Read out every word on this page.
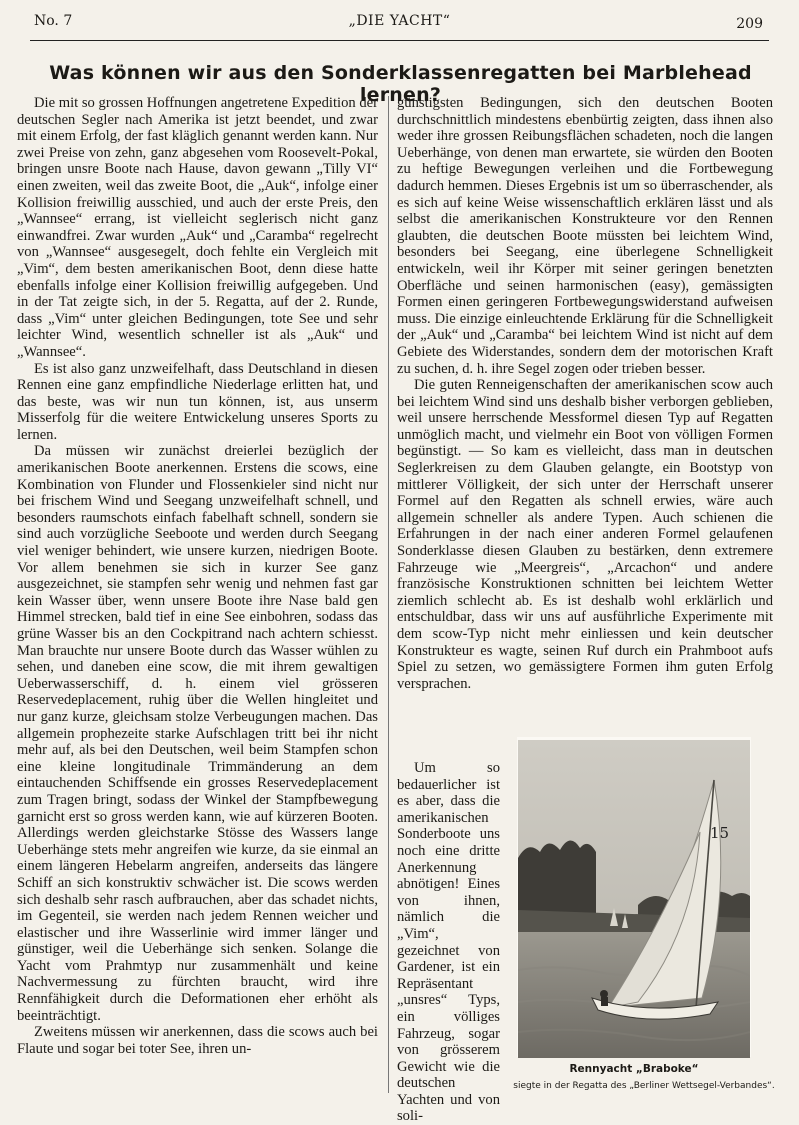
No. 7	„DIE YACHT“	209
Was können wir aus den Sonderklassenregatten bei Marblehead lernen?

Die mit so grossen Hoffnungen angetretene Expedition der deutschen Segler nach Amerika ist jetzt beendet, und zwar mit einem Erfolg, der fast kläglich genannt werden kann. Nur zwei Preise von zehn, ganz abgesehen vom Roosevelt-Pokal, bringen unsre Boote nach Hause, davon gewann „Tilly VI“ einen zweiten, weil das zweite Boot, die „Auk“, infolge einer Kollision freiwillig ausschied, und auch der erste Preis, den „Wannsee“ errang, ist vielleicht seglerisch nicht ganz einwandfrei. Zwar wurden „Auk“ und „Caramba“ regelrecht von „Wannsee“ ausgesegelt, doch fehlte ein Vergleich mit „Vim“, dem besten amerikanischen Boot, denn diese hatte ebenfalls infolge einer Kollision freiwillig aufgegeben. Und in der Tat zeigte sich, in der 5. Regatta, auf der 2. Runde, dass „Vim“ unter gleichen Bedingungen, tote See und sehr leichter Wind, wesentlich schneller ist als „Auk“ und „Wannsee“.

Es ist also ganz unzweifelhaft, dass Deutschland in diesen Rennen eine ganz empfindliche Niederlage erlitten hat, und das beste, was wir nun tun können, ist, aus unserm Misserfolg für die weitere Entwickelung unseres Sports zu lernen.

Da müssen wir zunächst dreierlei bezüglich der amerikanischen Boote anerkennen. Erstens die scows, eine Kombination von Flunder und Flossenkieler sind nicht nur bei frischem Wind und Seegang unzweifelhaft schnell, und besonders raumschots einfach fabelhaft schnell, sondern sie sind auch vorzügliche Seeboote und werden durch Seegang viel weniger behindert, wie unsere kurzen, niedrigen Boote. Vor allem benehmen sie sich in kurzer See ganz ausgezeichnet, sie stampfen sehr wenig und nehmen fast gar kein Wasser über, wenn unsere Boote ihre Nase bald gen Himmel strecken, bald tief in eine See einbohren, sodass das grüne Wasser bis an den Cockpitrand nach achtern schiesst. Man brauchte nur unsere Boote durch das Wasser wühlen zu sehen, und daneben eine scow, die mit ihrem gewaltigen Ueberwasserschiff, d. h. einem viel grösseren Reservedeplacement, ruhig über die Wellen hingleitet und nur ganz kurze, gleichsam stolze Verbeugungen machen. Das allgemein prophezeite starke Aufschlagen tritt bei ihr nicht mehr auf, als bei den Deutschen, weil beim Stampfen schon eine kleine longitudinale Trimmänderung an dem eintauchenden Schiffsende ein grosses Reservedeplacement zum Tragen bringt, sodass der Winkel der Stampfbewegung garnicht erst so gross werden kann, wie auf kürzeren Booten. Allerdings werden gleichstarke Stösse des Wassers lange Ueberhänge stets mehr angreifen wie kurze, da sie einmal an einem längeren Hebelarm angreifen, anderseits das längere Schiff an sich konstruktiv schwächer ist. Die scows werden sich deshalb sehr rasch aufbrauchen, aber das schadet nichts, im Gegenteil, sie werden nach jedem Rennen weicher und elastischer und ihre Wasserlinie wird immer länger und günstiger, weil die Ueberhänge sich senken. Solange die Yacht vom Prahmtyp nur zusammenhält und keine Nachvermessung zu fürchten braucht, wird ihre Rennfähigkeit durch die Deformationen eher erhöht als beeinträchtigt.

Zweitens müssen wir anerkennen, dass die scows auch bei Flaute und sogar bei toter See, ihren un-

günstigsten Bedingungen, sich den deutschen Booten durchschnittlich mindestens ebenbürtig zeigten, dass ihnen also weder ihre grossen Reibungsflächen schadeten, noch die langen Ueberhänge, von denen man erwartete, sie würden den Booten zu heftige Bewegungen verleihen und die Fortbewegung dadurch hemmen. Dieses Ergebnis ist um so überraschender, als es sich auf keine Weise wissenschaftlich erklären lässt und als selbst die amerikanischen Konstrukteure vor den Rennen glaubten, die deutschen Boote müssten bei leichtem Wind, besonders bei Seegang, eine überlegene Schnelligkeit entwickeln, weil ihr Körper mit seiner geringen benetzten Oberfläche und seinen harmonischen (easy), gemässigten Formen einen geringeren Fortbewegungswiderstand aufweisen muss. Die einzige einleuchtende Erklärung für die Schnelligkeit der „Auk“ und „Caramba“ bei leichtem Wind ist nicht auf dem Gebiete des Widerstandes, sondern dem der motorischen Kraft zu suchen, d. h. ihre Segel zogen oder trieben besser.

Die guten Renneigenschaften der amerikanischen scow auch bei leichtem Wind sind uns deshalb bisher verborgen geblieben, weil unsere herrschende Messformel diesen Typ auf Regatten unmöglich macht, und vielmehr ein Boot von völligen Formen begünstigt. — So kam es vielleicht, dass man in deutschen Seglerkreisen zu dem Glauben gelangte, ein Bootstyp von mittlerer Völligkeit, der sich unter der Herrschaft unserer Formel auf den Regatten als schnell erwies, wäre auch allgemein schneller als andere Typen. Auch schienen die Erfahrungen in der nach einer anderen Formel gelaufenen Sonderklasse diesen Glauben zu bestärken, denn extremere Fahrzeuge wie „Meergreis“, „Arcachon“ und andere französische Konstruktionen schnitten bei leichtem Wetter ziemlich schlecht ab. Es ist deshalb wohl erklärlich und entschuldbar, dass wir uns auf ausführliche Experimente mit dem scow-Typ nicht mehr einliessen und kein deutscher Konstrukteur es wagte, seinen Ruf durch ein Prahmboot aufs Spiel zu setzen, wo gemässigtere Formen ihm guten Erfolg versprachen.

Um so bedauerlicher ist es aber, dass die amerikanischen Sonderboote uns noch eine dritte Anerkennung abnötigen! Eines von ihnen, nämlich die „Vim“, gezeichnet von Gardener, ist ein Repräsentant „unsres“ Typs, ein völliges Fahrzeug, sogar von grösserem Gewicht wie die deutschen Yachten und von soli-

15
Rennyacht „Braboke“
siegte in der Regatta des „Berliner Wettsegel-Verbandes“.
